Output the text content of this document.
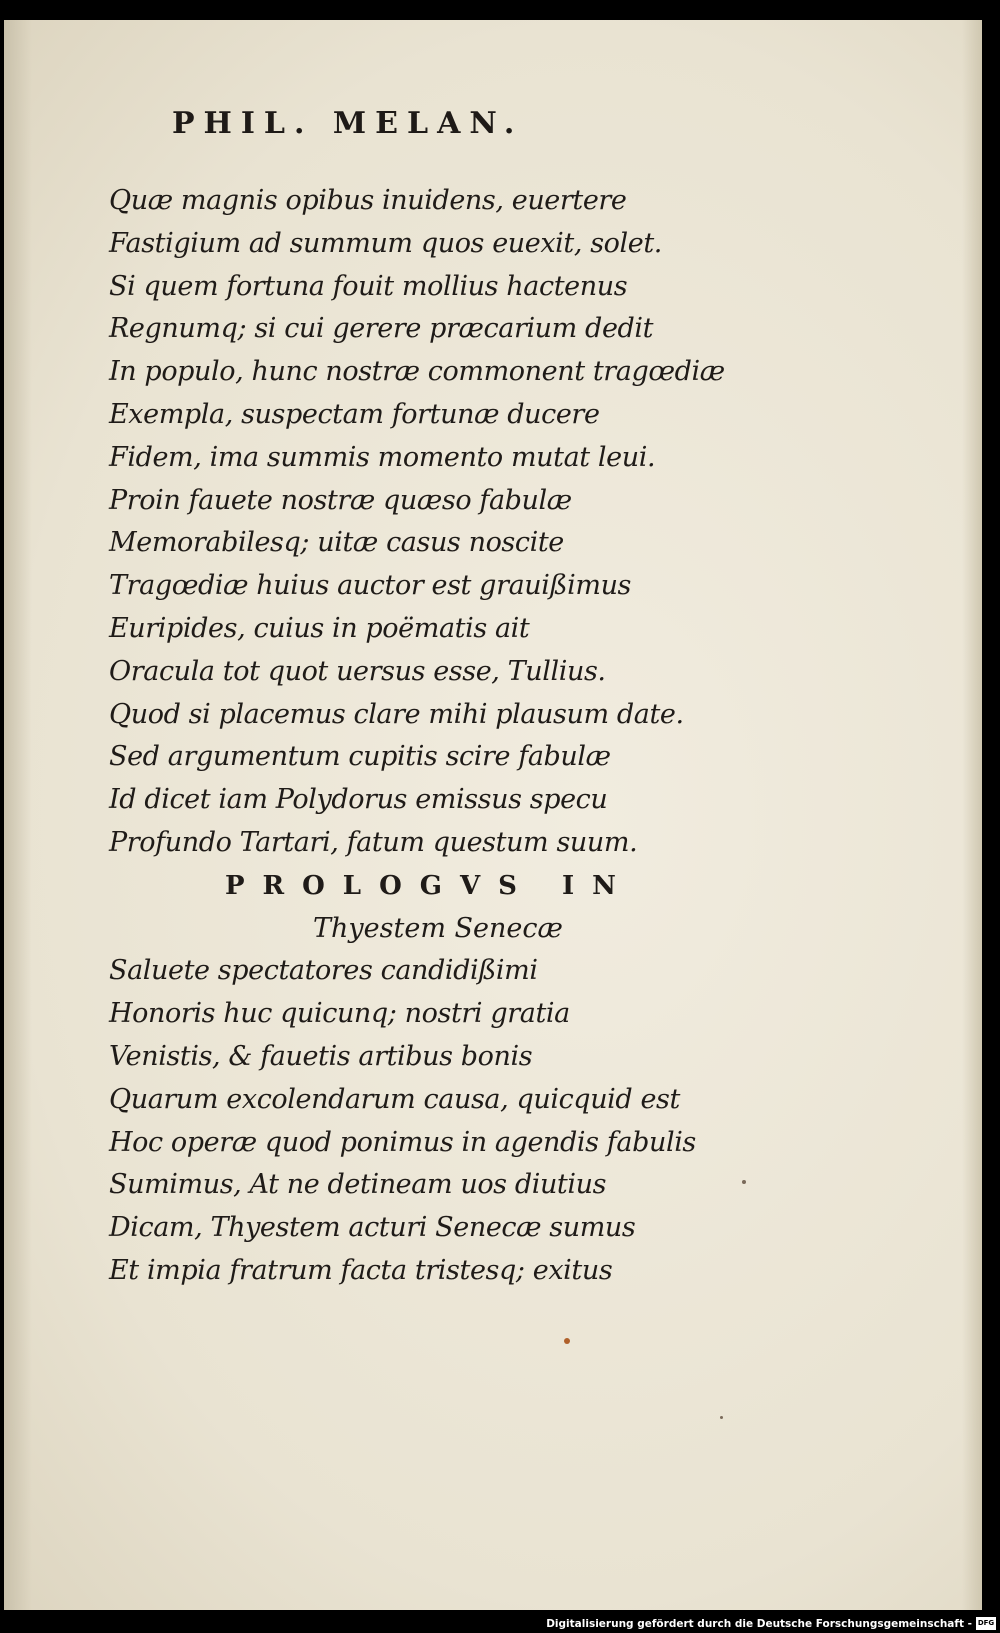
PHIL. MELAN.
Quæ magnis opibus inuidens, euertere
Fastigium ad summum quos euexit, solet.
Si quem fortuna fouit mollius hactenus
Regnumq; si cui gerere præcarium dedit
In populo, hunc nostræ commonent tragœdiæ
Exempla, suspectam fortunæ ducere
Fidem, ima summis momento mutat leui.
Proin fauete nostræ quæso fabulæ
Memorabilesq; uitæ casus noscite
Tragœdiæ huius auctor est grauißimus
Euripides, cuius in poëmatis ait
Oracula tot quot uersus esse, Tullius.
Quod si placemus clare mihi plausum date.
Sed argumentum cupitis scire fabulæ
Id dicet iam Polydorus emissus specu
Profundo Tartari, fatum questum suum.
PROLOGVS IN
Thyestem Senecæ
Saluete spectatores candidißimi
Honoris huc quicunq; nostri gratia
Venistis, & fauetis artibus bonis
Quarum excolendarum causa, quicquid est
Hoc operæ quod ponimus in agendis fabulis
Sumimus, At ne detineam uos diutius
Dicam, Thyestem acturi Senecæ sumus
Et impia fratrum facta tristesq; exitus
Digitalisierung gefördert durch die Deutsche Forschungsgemeinschaft - DFG
